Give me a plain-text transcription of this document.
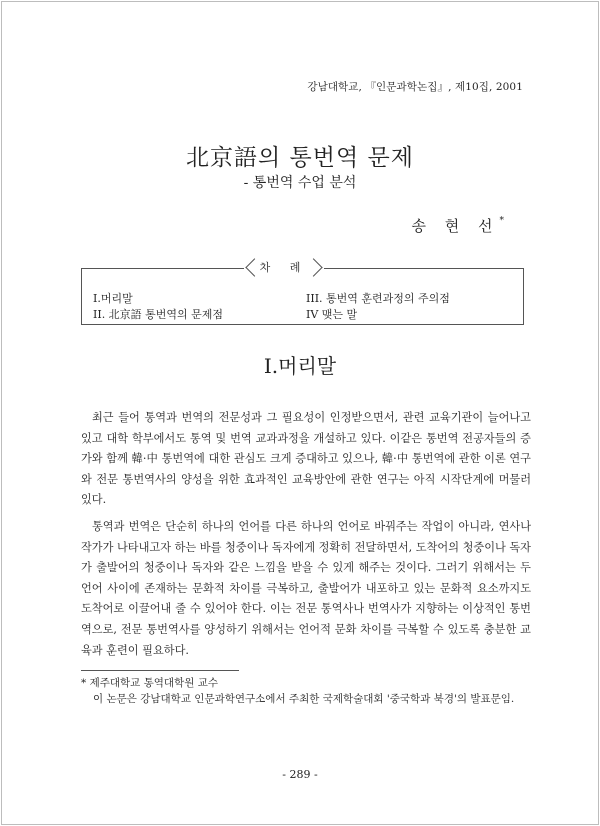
강남대학교, 『인문과학논집』, 제10집, 2001
北京語의 통번역 문제
- 통번역 수업 분석
송 현 선*
차 례
I.머리말
II. 北京語 통번역의 문제점
III. 통번역 훈련과정의 주의점
IV 맺는 말
I.머리말

최근 들어 통역과 번역의 전문성과 그 필요성이 인정받으면서, 관련 교육기관이 늘어나고 있고 대학 학부에서도 통역 및 번역 교과과정을 개설하고 있다. 이같은 통번역 전공자들의 증가와 함께 韓·中 통번역에 대한 관심도 크게 증대하고 있으나, 韓·中 통번역에 관한 이론 연구와 전문 통번역사의 양성을 위한 효과적인 교육방안에 관한 연구는 아직 시작단계에 머물러 있다.

통역과 번역은 단순히 하나의 언어를 다른 하나의 언어로 바꿔주는 작업이 아니라, 연사나 작가가 나타내고자 하는 바를 청중이나 독자에게 정확히 전달하면서, 도착어의 청중이나 독자가 출발어의 청중이나 독자와 같은 느낌을 받을 수 있게 해주는 것이다. 그러기 위해서는 두 언어 사이에 존재하는 문화적 차이를 극복하고, 출발어가 내포하고 있는 문화적 요소까지도 도착어로 이끌어내 줄 수 있어야 한다. 이는 전문 통역사나 번역사가 지향하는 이상적인 통번역으로, 전문 통번역사를 양성하기 위해서는 언어적 문화 차이를 극복할 수 있도록 충분한 교육과 훈련이 필요하다.

* 제주대학교 통역대학원 교수
이 논문은 강남대학교 인문과학연구소에서 주최한 국제학술대회 '중국학과 북경'의 발표문임.
- 289 -
